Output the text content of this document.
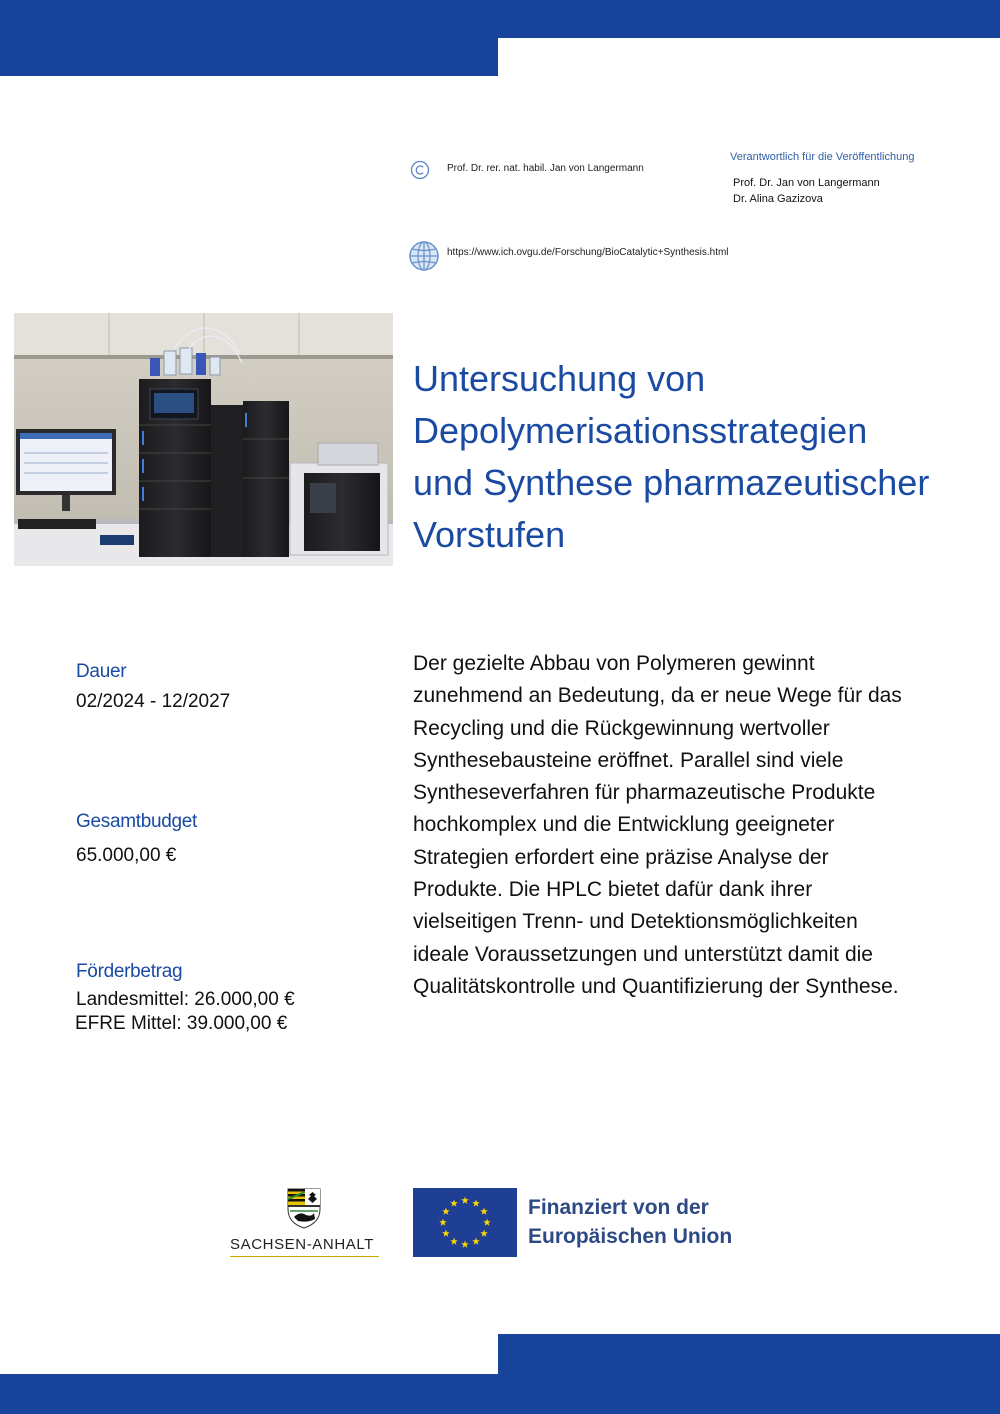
Prof. Dr. rer. nat. habil. Jan von Langermann
Verantwortlich für die Veröffentlichung
Prof. Dr. Jan von Langermann
Dr. Alina Gazizova
https://www.ich.ovgu.de/Forschung/BioCatalytic+Synthesis.html
Untersuchung von
Depolymerisationsstrategien
und Synthese pharmazeutischer
Vorstufen
Dauer
02/2024 - 12/2027
Gesamtbudget
65.000,00 €
Förderbetrag
Landesmittel: 26.000,00 €
EFRE Mittel: 39.000,00 €
Der gezielte Abbau von Polymeren gewinnt
zunehmend an Bedeutung, da er neue Wege für das
Recycling und die Rückgewinnung wertvoller
Synthesebausteine eröffnet. Parallel sind viele
Syntheseverfahren für pharmazeutische Produkte
hochkomplex und die Entwicklung geeigneter
Strategien erfordert eine präzise Analyse der
Produkte. Die HPLC bietet dafür dank ihrer
vielseitigen Trenn- und Detektionsmöglichkeiten
ideale Voraussetzungen und unterstützt damit die
Qualitätskontrolle und Quantifizierung der Synthese.
SACHSEN-ANHALT
Finanziert von der
Europäischen Union
